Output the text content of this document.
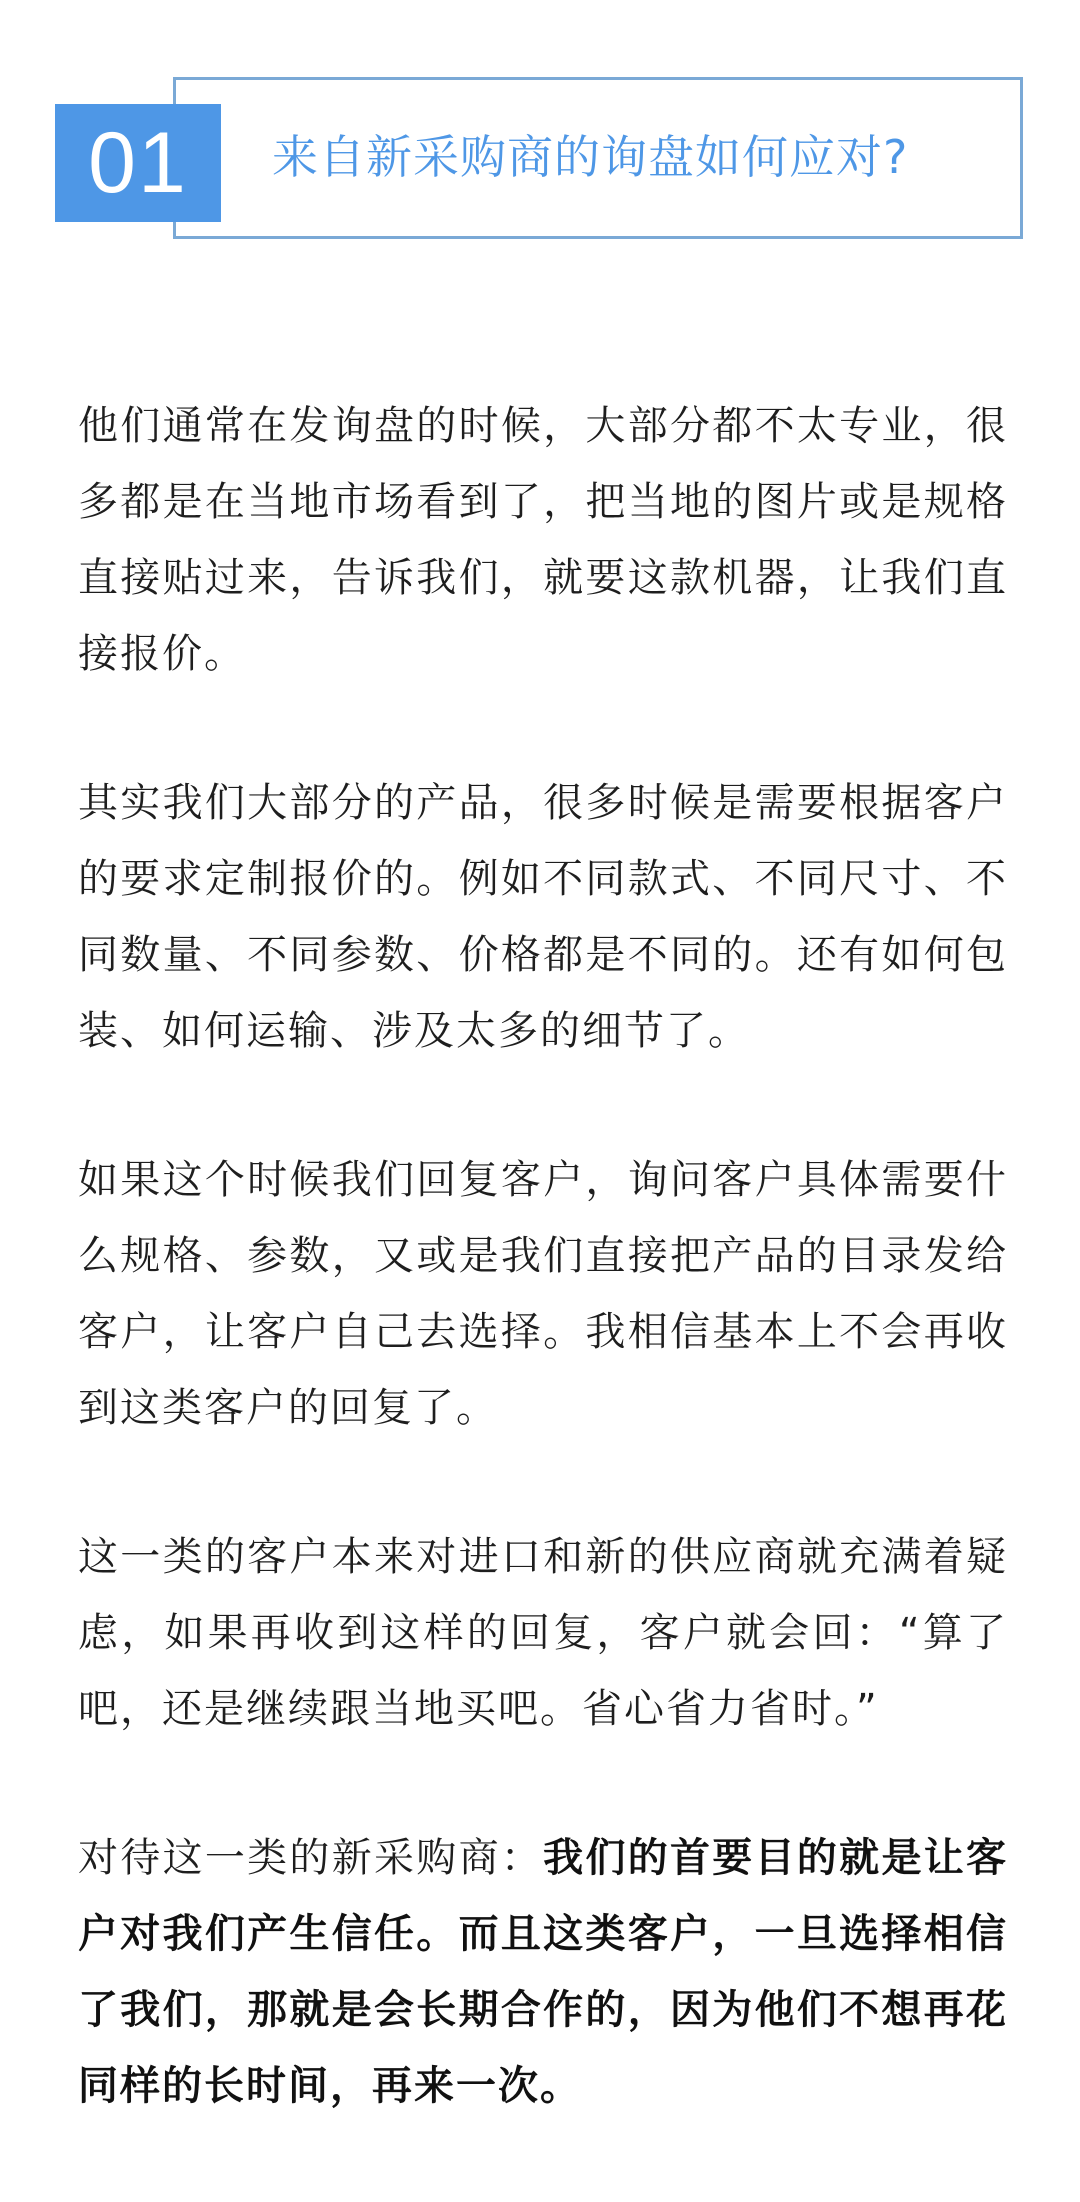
01	来自新采购商的询盘如何应对?

他们通常在发询盘的时候，大部分都不太专业，很多都是在当地市场看到了，把当地的图片或是规格直接贴过来，告诉我们，就要这款机器，让我们直接报价。

其实我们大部分的产品，很多时候是需要根据客户的要求定制报价的。例如不同款式、不同尺寸、不同数量、不同参数、价格都是不同的。还有如何包装、如何运输、涉及太多的细节了。

如果这个时候我们回复客户，询问客户具体需要什么规格、参数，又或是我们直接把产品的目录发给客户，让客户自己去选择。我相信基本上不会再收到这类客户的回复了。

这一类的客户本来对进口和新的供应商就充满着疑虑，如果再收到这样的回复，客户就会回：“算了吧，还是继续跟当地买吧。省心省力省时。”

对待这一类的新采购商：我们的首要目的就是让客户对我们产生信任。而且这类客户，一旦选择相信了我们，那就是会长期合作的，因为他们不想再花同样的长时间，再来一次。
